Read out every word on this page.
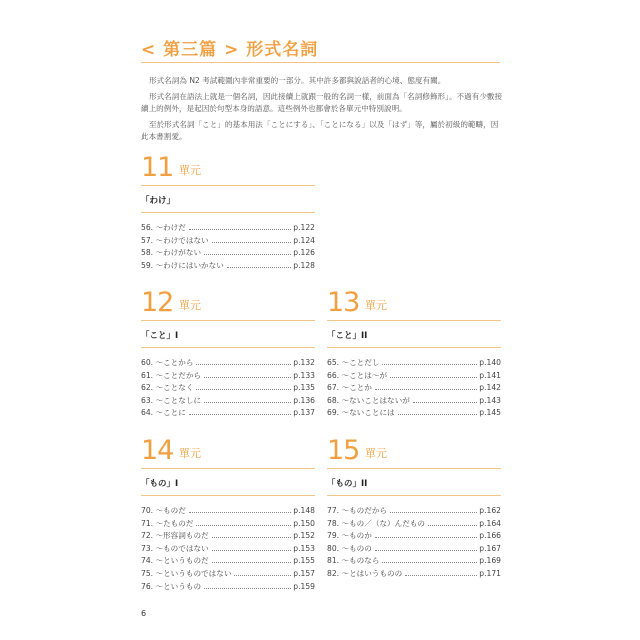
< 第三篇 > 形式名詞

形式名詞為 N2 考試範圍內非常重要的一部分。其中許多都與說話者的心境、態度有關。

形式名詞在語法上就是一個名詞，因此接續上就跟一般的名詞一樣，前面為「名詞修飾形」。不過有少數接續上的例外，是起因於句型本身的語意。這些例外也都會於各單元中特別說明。

至於形式名詞「こと」的基本用法「ことにする」、「ことになる」以及「はず」等，屬於初級的範疇，因此本書割愛。

11 單元
「わけ」
56. 〜わけだ	p.122
57. 〜わけではない	p.124
58. 〜わけがない	p.126
59. 〜わけにはいかない	p.128
12 單元
「こと」I
60. 〜ことから	p.132
61. 〜ことだから	p.133
62. 〜ことなく	p.135
63. 〜ことなしに	p.136
64. 〜ことに	p.137
13 單元
「こと」II
65. 〜ことだし	p.140
66. 〜ことは〜が	p.141
67. 〜ことか	p.142
68. 〜ないことはないが	p.143
69. 〜ないことには	p.145
14 單元
「もの」I
70. 〜ものだ	p.148
71. 〜たものだ	p.150
72. 〜形容詞ものだ	p.152
73. 〜ものではない	p.153
74. 〜というものだ	p.155
75. 〜というものではない	p.157
76. 〜というもの	p.159
15 單元
「もの」II
77. 〜ものだから	p.162
78. 〜もの／（な）んだもの	p.164
79. 〜ものか	p.166
80. 〜ものの	p.167
81. 〜ものなら	p.169
82. 〜とはいうものの	p.171
6
